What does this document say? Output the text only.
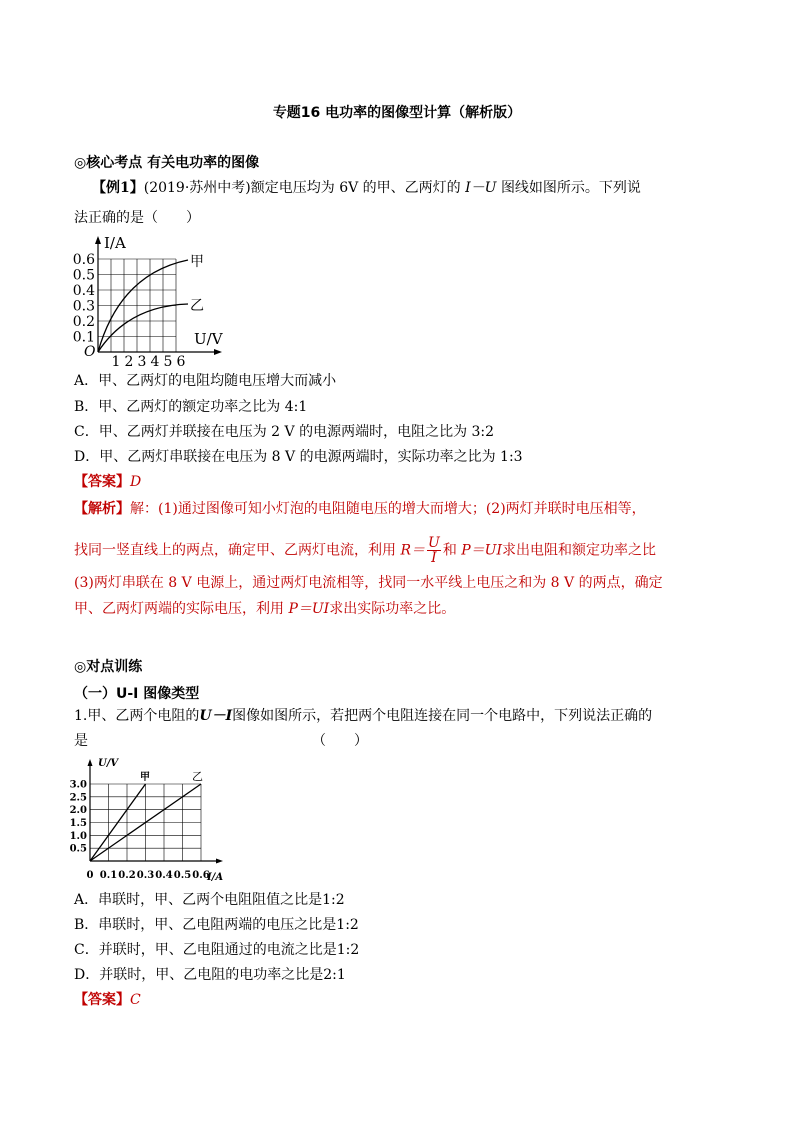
专题16 电功率的图像型计算（解析版）
◎核心考点 有关电功率的图像
【例1】(2019·苏州中考)额定电压均为 6V 的甲、乙两灯的 I－U 图线如图所示。下列说
法正确的是（　　）
I/A
U/V
O
0.6
0.5
0.4
0.3
0.2
0.1
1 2 3 4 5 6
甲
乙
A．甲、乙两灯的电阻均随电压增大而减小
B．甲、乙两灯的额定功率之比为 4:1
C．甲、乙两灯并联接在电压为 2 V 的电源两端时，电阻之比为 3:2
D．甲、乙两灯串联接在电压为 8 V 的电源两端时，实际功率之比为 1:3
【答案】D
【解析】解：(1)通过图像可知小灯泡的电阻随电压的增大而增大；(2)两灯并联时电压相等，
找同一竖直线上的两点，确定甲、乙两灯电流，利用 $R= \frac{U}{I}$ 和 P＝UI求出电阻和额定功率之比
(3)两灯串联在 8 V 电源上，通过两灯电流相等，找同一水平线上电压之和为 8 V 的两点，确定
甲、乙两灯两端的实际电压，利用 P＝UI求出实际功率之比。
◎对点训练
（一）U-I 图像类型
1.甲、乙两个电阻的U－I图像如图所示，若把两个电阻连接在同一个电路中，下列说法正确的
是	（　　）
U/V
I/A
3.0
2.5
2.0
1.5
1.0
0.5
0 0.1 0.2 0.3 0.4 0.5 0.6
甲	乙
A．串联时，甲、乙两个电阻阻值之比是1:2
B．串联时，甲、乙电阻两端的电压之比是1:2
C．并联时，甲、乙电阻通过的电流之比是1:2
D．并联时，甲、乙电阻的电功率之比是2:1
【答案】C
